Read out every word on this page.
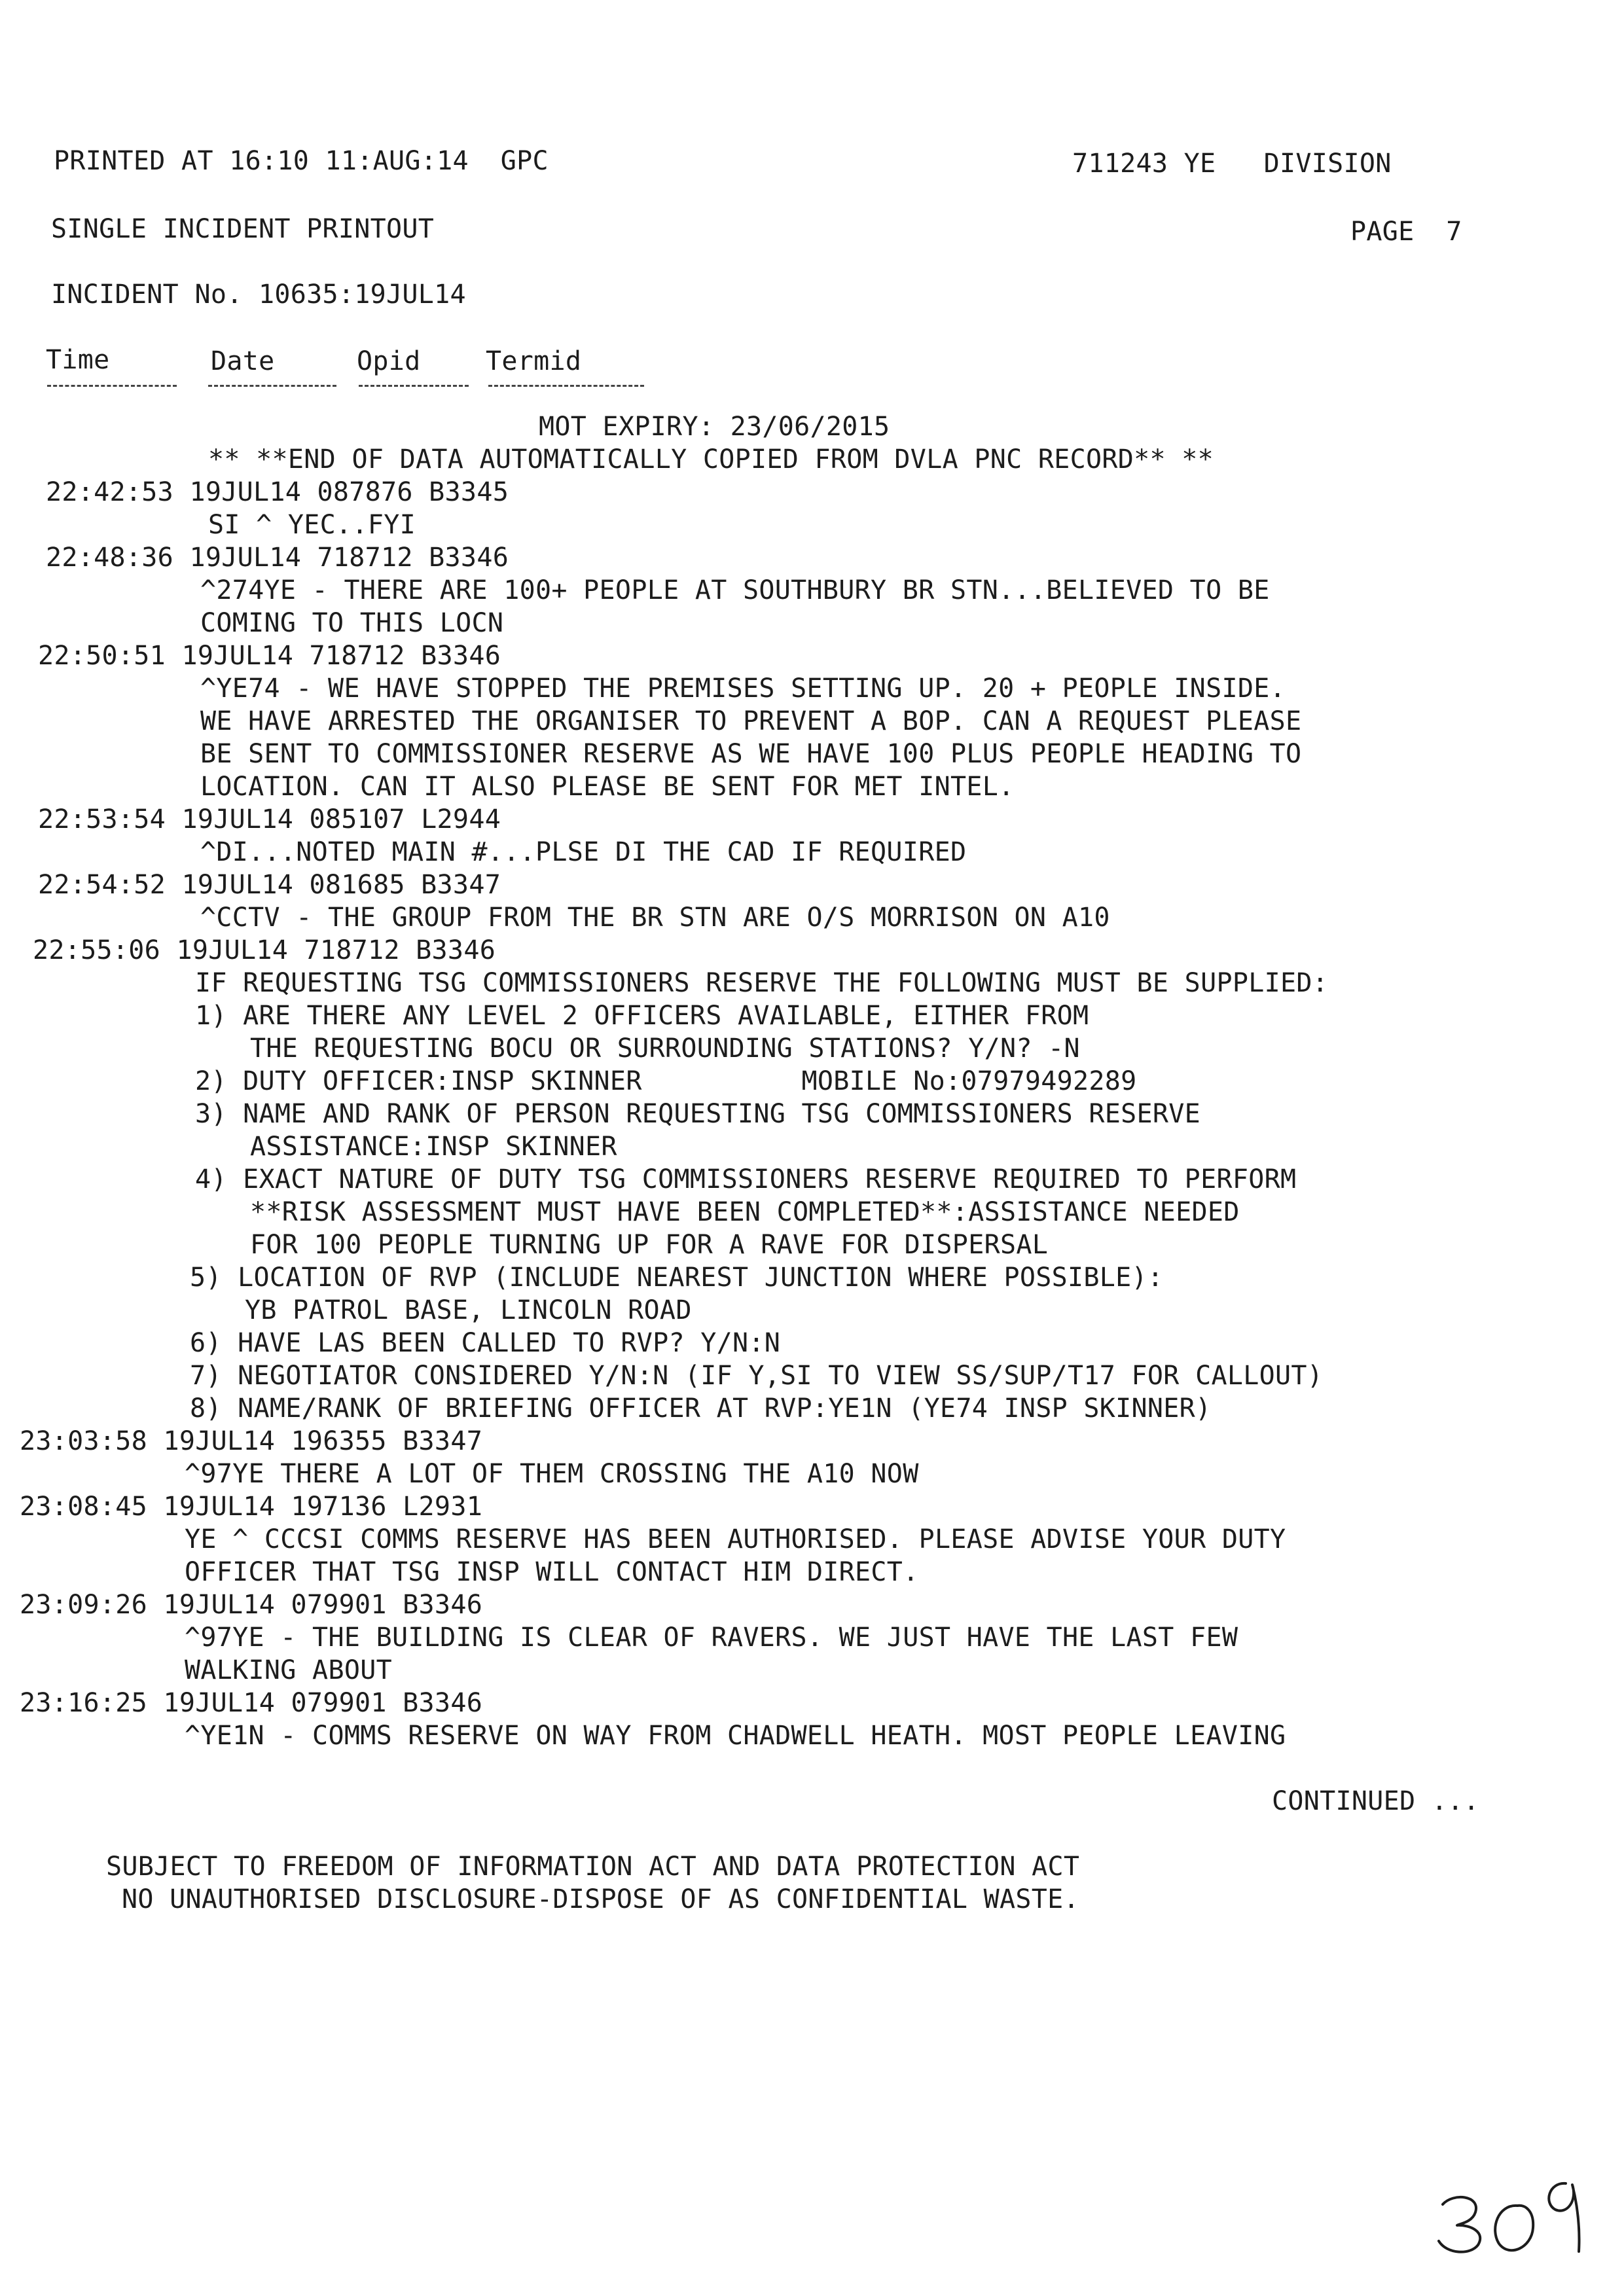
PRINTED AT 16:10 11:AUG:14  GPC	711243 YE   DIVISION
SINGLE INCIDENT PRINTOUT	PAGE  7
INCIDENT No. 10635:19JUL14
Time	Date	Opid Termid
MOT EXPIRY: 23/06/2015
** **END OF DATA AUTOMATICALLY COPIED FROM DVLA PNC RECORD** **
22:42:53 19JUL14 087876 B3345
SI ^ YEC..FYI
22:48:36 19JUL14 718712 B3346
^274YE - THERE ARE 100+ PEOPLE AT SOUTHBURY BR STN...BELIEVED TO BE
COMING TO THIS LOCN
22:50:51 19JUL14 718712 B3346
^YE74 - WE HAVE STOPPED THE PREMISES SETTING UP. 20 + PEOPLE INSIDE.
WE HAVE ARRESTED THE ORGANISER TO PREVENT A BOP. CAN A REQUEST PLEASE
BE SENT TO COMMISSIONER RESERVE AS WE HAVE 100 PLUS PEOPLE HEADING TO
LOCATION. CAN IT ALSO PLEASE BE SENT FOR MET INTEL.
22:53:54 19JUL14 085107 L2944
^DI...NOTED MAIN #...PLSE DI THE CAD IF REQUIRED
22:54:52 19JUL14 081685 B3347
^CCTV - THE GROUP FROM THE BR STN ARE O/S MORRISON ON A10
22:55:06 19JUL14 718712 B3346
IF REQUESTING TSG COMMISSIONERS RESERVE THE FOLLOWING MUST BE SUPPLIED:
1) ARE THERE ANY LEVEL 2 OFFICERS AVAILABLE, EITHER FROM
THE REQUESTING BOCU OR SURROUNDING STATIONS? Y/N? -N
2) DUTY OFFICER:INSP SKINNER          MOBILE No:07979492289
3) NAME AND RANK OF PERSON REQUESTING TSG COMMISSIONERS RESERVE
ASSISTANCE:INSP SKINNER
4) EXACT NATURE OF DUTY TSG COMMISSIONERS RESERVE REQUIRED TO PERFORM
**RISK ASSESSMENT MUST HAVE BEEN COMPLETED**:ASSISTANCE NEEDED
FOR 100 PEOPLE TURNING UP FOR A RAVE FOR DISPERSAL
5) LOCATION OF RVP (INCLUDE NEAREST JUNCTION WHERE POSSIBLE):
YB PATROL BASE, LINCOLN ROAD
6) HAVE LAS BEEN CALLED TO RVP? Y/N:N
7) NEGOTIATOR CONSIDERED Y/N:N (IF Y,SI TO VIEW SS/SUP/T17 FOR CALLOUT)
8) NAME/RANK OF BRIEFING OFFICER AT RVP:YE1N (YE74 INSP SKINNER)
23:03:58 19JUL14 196355 B3347
^97YE THERE A LOT OF THEM CROSSING THE A10 NOW
23:08:45 19JUL14 197136 L2931
YE ^ CCCSI COMMS RESERVE HAS BEEN AUTHORISED. PLEASE ADVISE YOUR DUTY
OFFICER THAT TSG INSP WILL CONTACT HIM DIRECT.
23:09:26 19JUL14 079901 B3346
^97YE - THE BUILDING IS CLEAR OF RAVERS. WE JUST HAVE THE LAST FEW
WALKING ABOUT
23:16:25 19JUL14 079901 B3346
^YE1N - COMMS RESERVE ON WAY FROM CHADWELL HEATH. MOST PEOPLE LEAVING
CONTINUED ...
SUBJECT TO FREEDOM OF INFORMATION ACT AND DATA PROTECTION ACT
NO UNAUTHORISED DISCLOSURE-DISPOSE OF AS CONFIDENTIAL WASTE.
